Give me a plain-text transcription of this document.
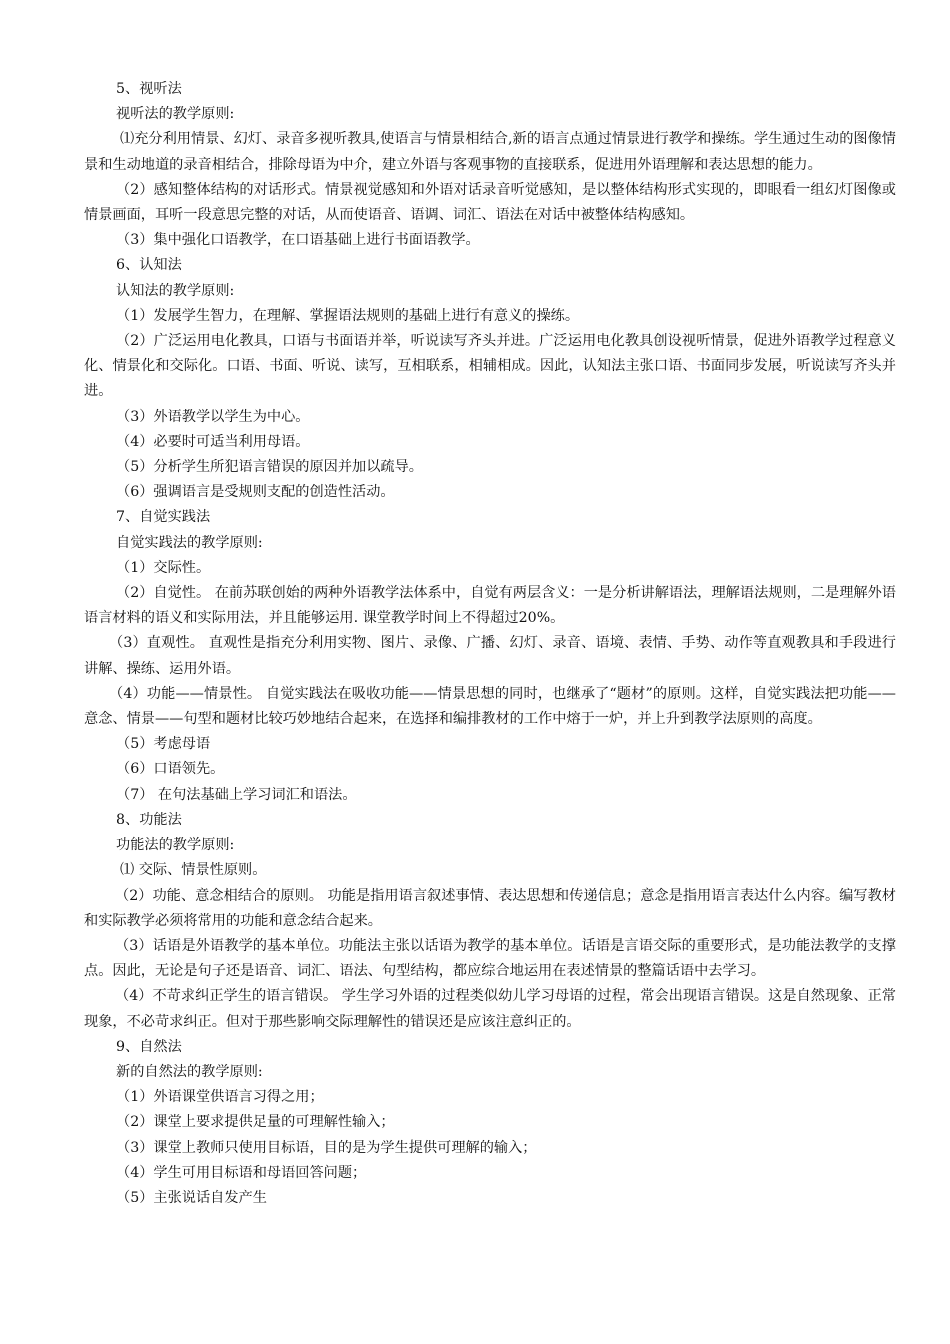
5、视听法

视听法的教学原则:

⑴充分利用情景、幻灯、录音多视听教具,使语言与情景相结合,新的语言点通过情景进行教学和操练。学生通过生动的图像情景和生动地道的录音相结合，排除母语为中介，建立外语与客观事物的直接联系，促进用外语理解和表达思想的能力。

（2）感知整体结构的对话形式。情景视觉感知和外语对话录音听觉感知，是以整体结构形式实现的，即眼看一组幻灯图像或情景画面，耳听一段意思完整的对话，从而使语音、语调、词汇、语法在对话中被整体结构感知。

（3）集中强化口语教学，在口语基础上进行书面语教学。

6、认知法

认知法的教学原则:

（1）发展学生智力，在理解、掌握语法规则的基础上进行有意义的操练。

（2）广泛运用电化教具，口语与书面语并举，听说读写齐头并进。广泛运用电化教具创设视听情景，促进外语教学过程意义化、情景化和交际化。口语、书面、听说、读写，互相联系，相辅相成。因此，认知法主张口语、书面同步发展，听说读写齐头并进。

（3）外语教学以学生为中心。

（4）必要时可适当利用母语。

（5）分析学生所犯语言错误的原因并加以疏导。

（6）强调语言是受规则支配的创造性活动。

7、自觉实践法

自觉实践法的教学原则:

（1）交际性。

（2）自觉性。 在前苏联创始的两种外语教学法体系中，自觉有两层含义：一是分析讲解语法，理解语法规则，二是理解外语语言材料的语义和实际用法，并且能够运用. 课堂教学时间上不得超过20%。

（3）直观性。 直观性是指充分利用实物、图片、录像、广播、幻灯、录音、语境、表情、手势、动作等直观教具和手段进行讲解、操练、运用外语。

（4）功能——情景性。 自觉实践法在吸收功能——情景思想的同时，也继承了“题材”的原则。这样，自觉实践法把功能——意念、情景——句型和题材比较巧妙地结合起来，在选择和编排教材的工作中熔于一炉，并上升到教学法原则的高度。

（5）考虑母语

（6）口语领先。

（7） 在句法基础上学习词汇和语法。

8、功能法

功能法的教学原则:

⑴ 交际、情景性原则。

（2）功能、意念相结合的原则。 功能是指用语言叙述事情、表达思想和传递信息；意念是指用语言表达什么内容。编写教材和实际教学必须将常用的功能和意念结合起来。

（3）话语是外语教学的基本单位。功能法主张以话语为教学的基本单位。话语是言语交际的重要形式，是功能法教学的支撑点。因此，无论是句子还是语音、词汇、语法、句型结构，都应综合地运用在表述情景的整篇话语中去学习。

（4）不苛求纠正学生的语言错误。 学生学习外语的过程类似幼儿学习母语的过程，常会出现语言错误。这是自然现象、正常现象，不必苛求纠正。但对于那些影响交际理解性的错误还是应该注意纠正的。

9、自然法

新的自然法的教学原则:

（1）外语课堂供语言习得之用；

（2）课堂上要求提供足量的可理解性输入；

（3）课堂上教师只使用目标语，目的是为学生提供可理解的输入；

（4）学生可用目标语和母语回答问题；

（5）主张说话自发产生
